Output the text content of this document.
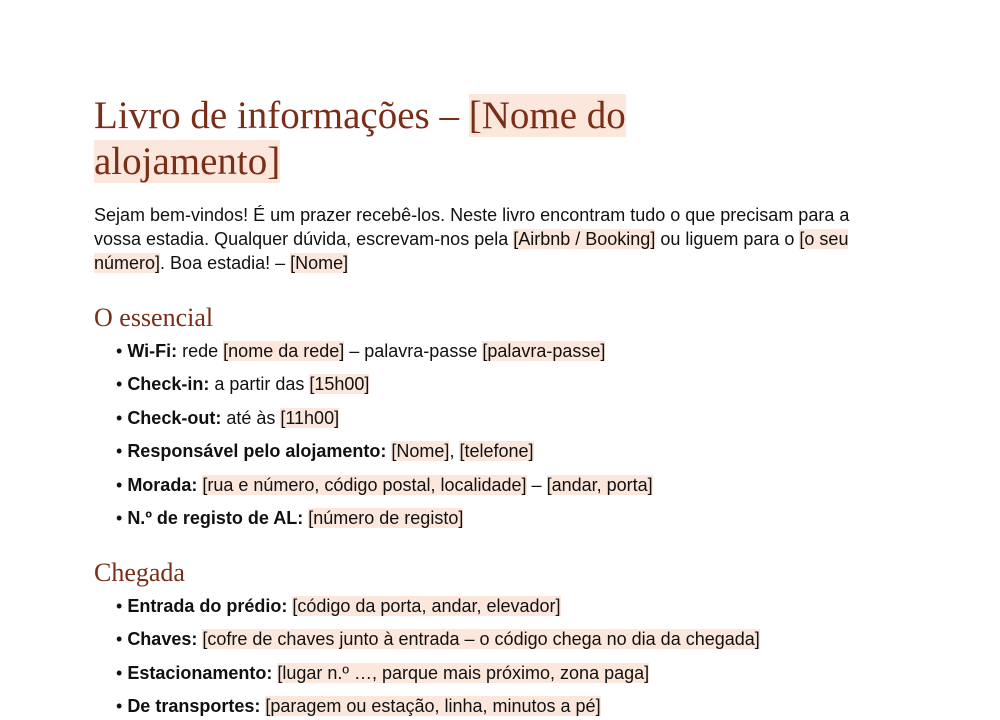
Livro de informações – [Nome do alojamento]

Sejam bem-vindos! É um prazer recebê-los. Neste livro encontram tudo o que precisam para a vossa estadia. Qualquer dúvida, escrevam-nos pela [Airbnb / Booking] ou liguem para o [o seu número]. Boa estadia! – [Nome]

O essencial
• Wi-Fi: rede [nome da rede] – palavra-passe [palavra-passe]
• Check-in: a partir das [15h00]
• Check-out: até às [11h00]
• Responsável pelo alojamento: [Nome], [telefone]
• Morada: [rua e número, código postal, localidade] – [andar, porta]
• N.º de registo de AL: [número de registo]
Chegada
• Entrada do prédio: [código da porta, andar, elevador]
• Chaves: [cofre de chaves junto à entrada – o código chega no dia da chegada]
• Estacionamento: [lugar n.º …, parque mais próximo, zona paga]
• De transportes: [paragem ou estação, linha, minutos a pé]
